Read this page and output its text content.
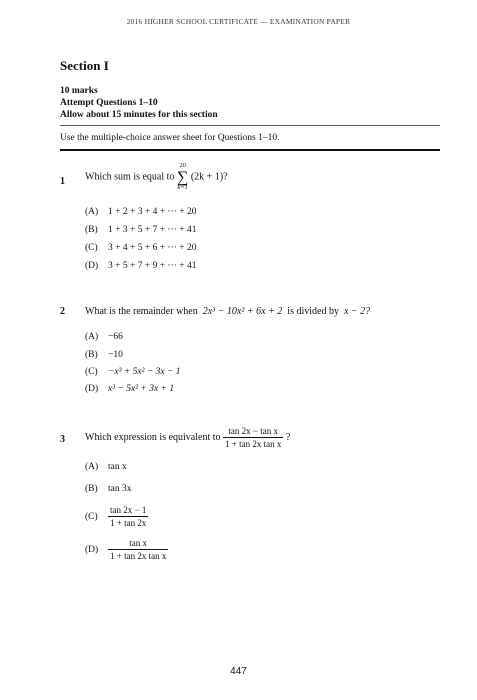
2016 HIGHER SCHOOL CERTIFICATE — EXAMINATION PAPER
Section I
10 marks
Attempt Questions 1–10
Allow about 15 minutes for this section
Use the multiple-choice answer sheet for Questions 1–10.
1 Which sum is equal to
20
∑
k=1
(2k + 1)?
(A) 1 + 2 + 3 + 4 + ··· + 20
(B) 1 + 3 + 5 + 7 + ··· + 41
(C) 3 + 4 + 5 + 6 + ··· + 20
(D) 3 + 5 + 7 + 9 + ··· + 41
2 What is the remainder when 2x³ − 10x² + 6x + 2 is divided by x − 2?
(A) −66
(B) −10
(C) −x³ + 5x² − 3x − 1
(D) x³ − 5x² + 3x + 1
3 Which expression is equivalent to $\frac{\text{tan 2x − tan x}}{\text{1 + tan 2x tan x}}$ ?
(A) tan x
(B) tan 3x
$(C) \frac{\tan 2x - 1}{1 + \tan 2x}$
$(D) \frac{\text{tan x}}{\text{1 + tan 2x tan x}}$
447
